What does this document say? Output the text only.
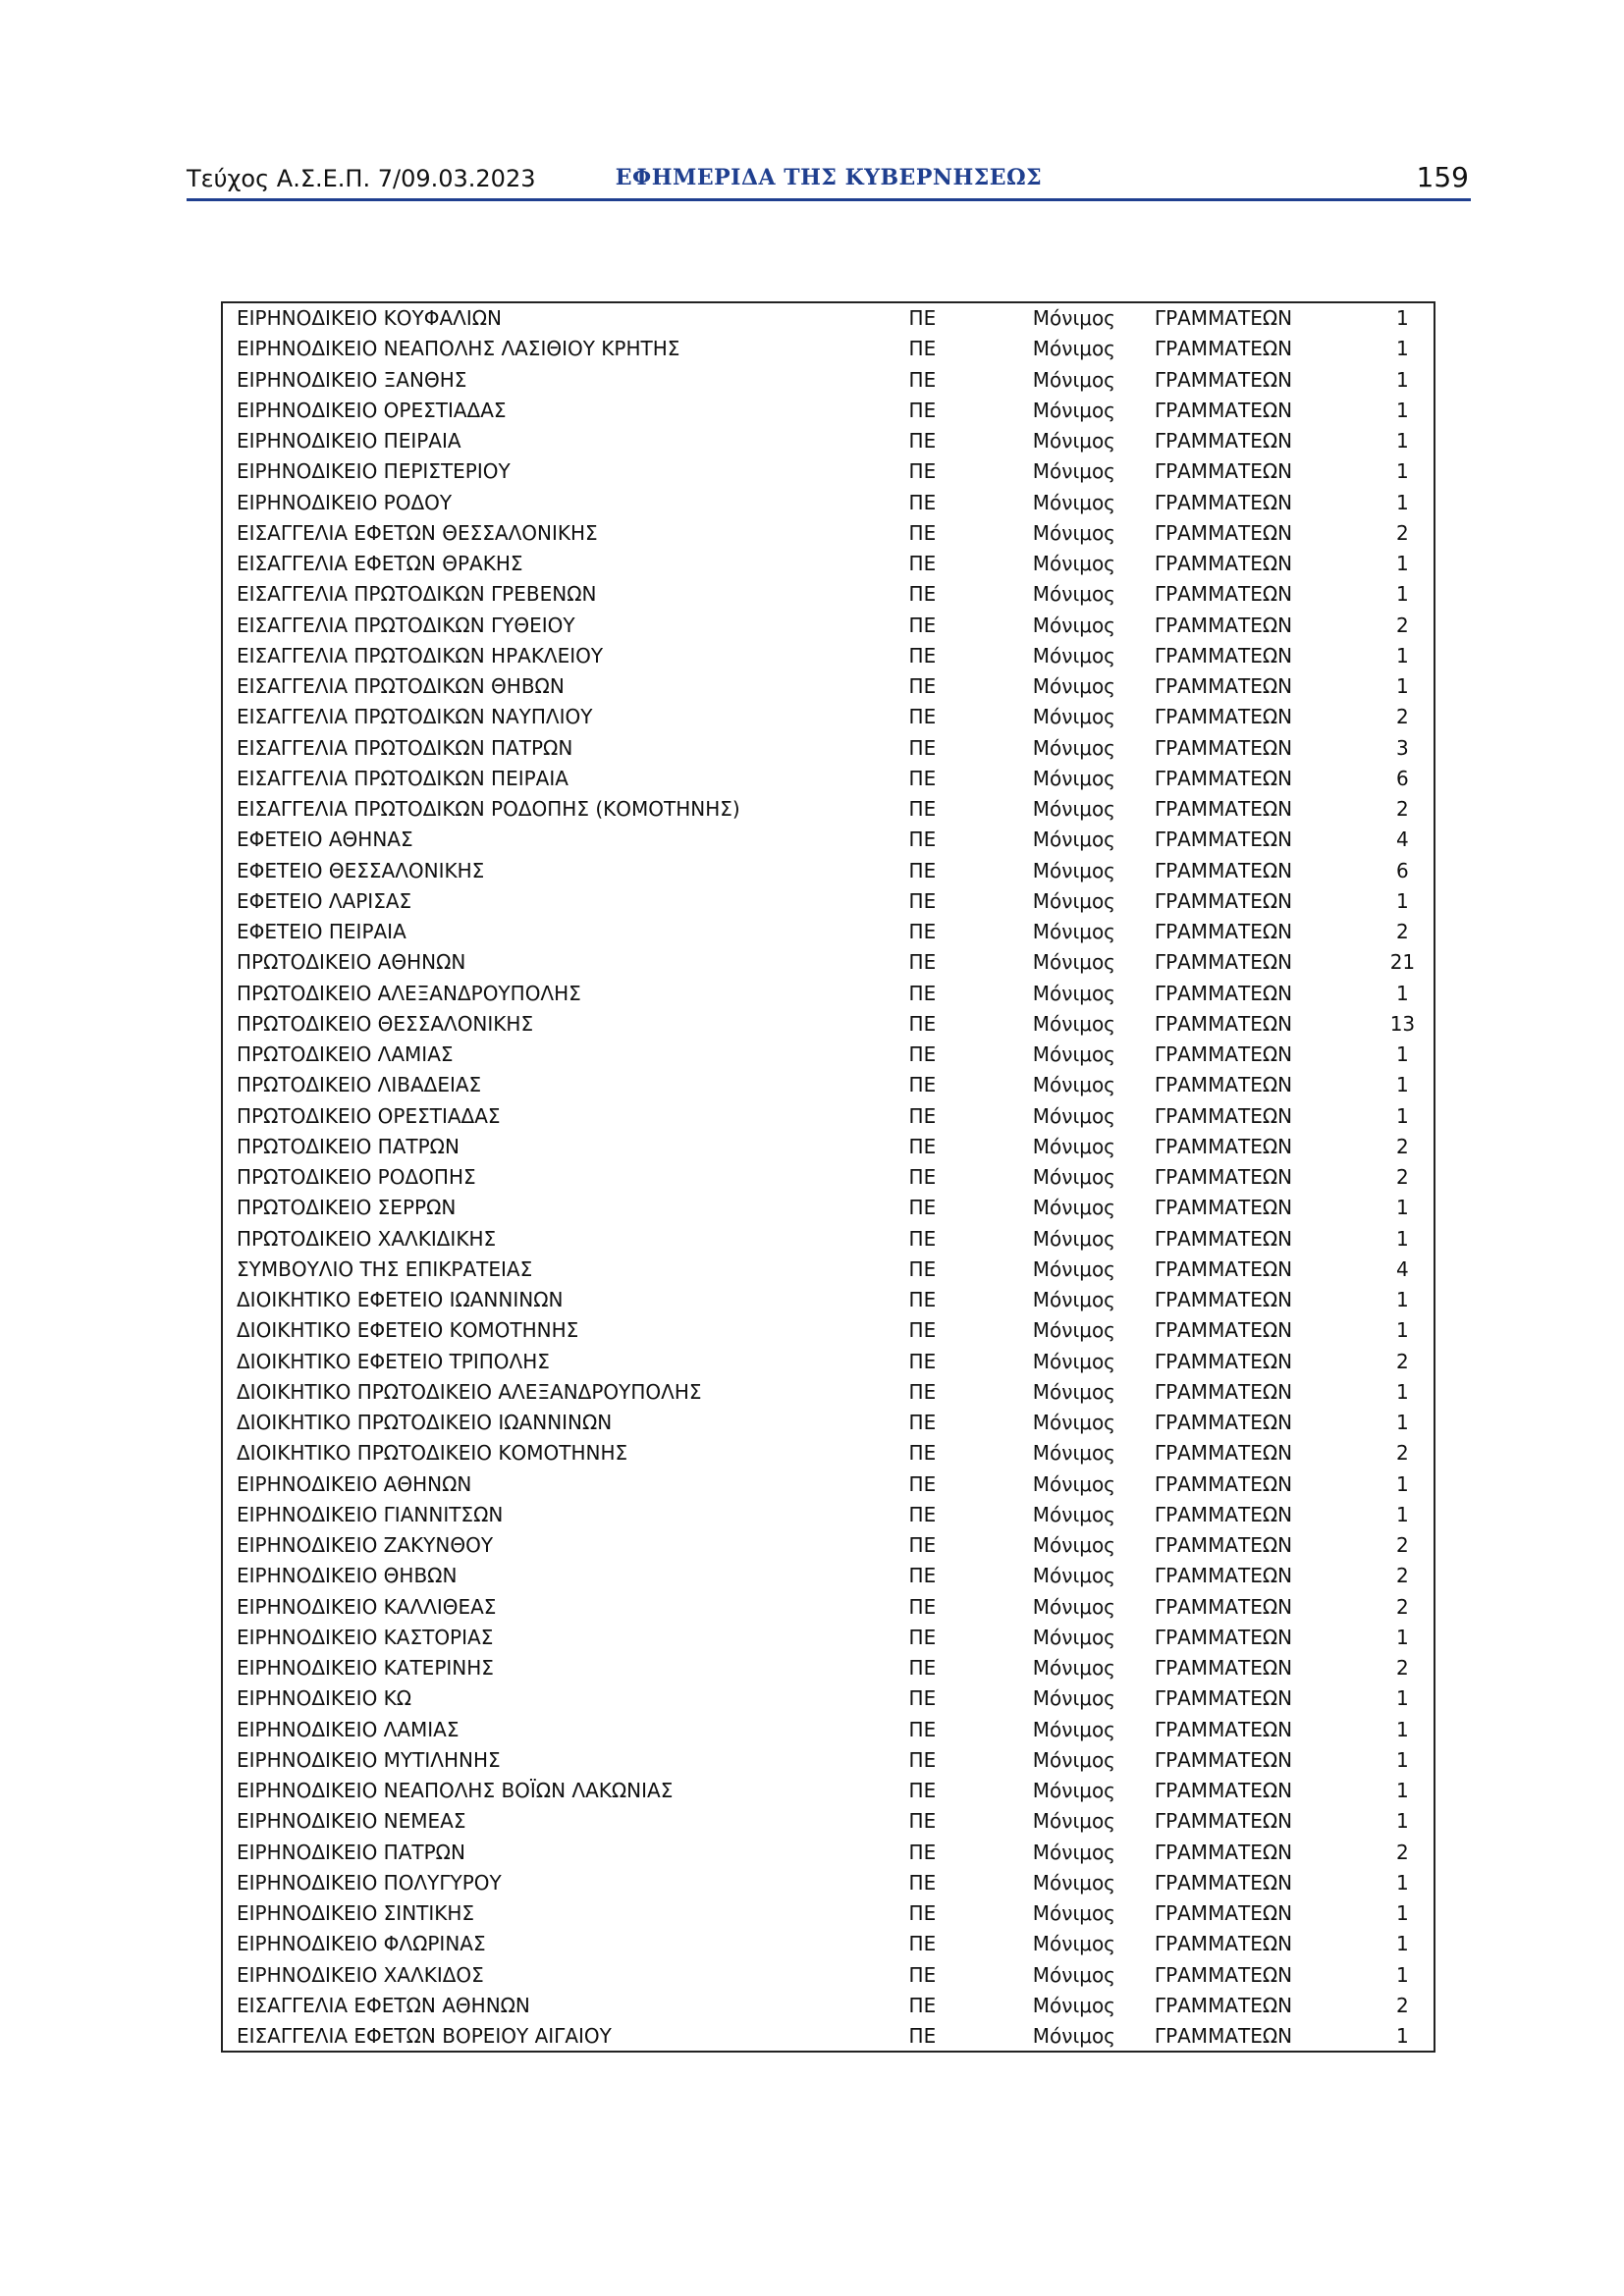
Τεύχος Α.Σ.Ε.Π. 7/09.03.2023	ΕΦΗΜΕΡΙΔΑ ΤΗΣ ΚΥΒΕΡΝΗΣΕΩΣ	159
ΕΙΡΗΝΟΔΙΚΕΙΟ ΚΟΥΦΑΛΙΩΝ	ΠΕ	Μόνιμος	ΓΡΑΜΜΑΤΕΩΝ	1
ΕΙΡΗΝΟΔΙΚΕΙΟ ΝΕΑΠΟΛΗΣ ΛΑΣΙΘΙΟΥ ΚΡΗΤΗΣ	ΠΕ	Μόνιμος	ΓΡΑΜΜΑΤΕΩΝ	1
ΕΙΡΗΝΟΔΙΚΕΙΟ ΞΑΝΘΗΣ	ΠΕ	Μόνιμος	ΓΡΑΜΜΑΤΕΩΝ	1
ΕΙΡΗΝΟΔΙΚΕΙΟ ΟΡΕΣΤΙΑΔΑΣ	ΠΕ	Μόνιμος	ΓΡΑΜΜΑΤΕΩΝ	1
ΕΙΡΗΝΟΔΙΚΕΙΟ ΠΕΙΡΑΙΑ	ΠΕ	Μόνιμος	ΓΡΑΜΜΑΤΕΩΝ	1
ΕΙΡΗΝΟΔΙΚΕΙΟ ΠΕΡΙΣΤΕΡΙΟΥ	ΠΕ	Μόνιμος	ΓΡΑΜΜΑΤΕΩΝ	1
ΕΙΡΗΝΟΔΙΚΕΙΟ ΡΟΔΟΥ	ΠΕ	Μόνιμος	ΓΡΑΜΜΑΤΕΩΝ	1
ΕΙΣΑΓΓΕΛΙΑ ΕΦΕΤΩΝ ΘΕΣΣΑΛΟΝΙΚΗΣ	ΠΕ	Μόνιμος	ΓΡΑΜΜΑΤΕΩΝ	2
ΕΙΣΑΓΓΕΛΙΑ ΕΦΕΤΩΝ ΘΡΑΚΗΣ	ΠΕ	Μόνιμος	ΓΡΑΜΜΑΤΕΩΝ	1
ΕΙΣΑΓΓΕΛΙΑ ΠΡΩΤΟΔΙΚΩΝ ΓΡΕΒΕΝΩΝ	ΠΕ	Μόνιμος	ΓΡΑΜΜΑΤΕΩΝ	1
ΕΙΣΑΓΓΕΛΙΑ ΠΡΩΤΟΔΙΚΩΝ ΓΥΘΕΙΟΥ	ΠΕ	Μόνιμος	ΓΡΑΜΜΑΤΕΩΝ	2
ΕΙΣΑΓΓΕΛΙΑ ΠΡΩΤΟΔΙΚΩΝ ΗΡΑΚΛΕΙΟΥ	ΠΕ	Μόνιμος	ΓΡΑΜΜΑΤΕΩΝ	1
ΕΙΣΑΓΓΕΛΙΑ ΠΡΩΤΟΔΙΚΩΝ ΘΗΒΩΝ	ΠΕ	Μόνιμος	ΓΡΑΜΜΑΤΕΩΝ	1
ΕΙΣΑΓΓΕΛΙΑ ΠΡΩΤΟΔΙΚΩΝ ΝΑΥΠΛΙΟΥ	ΠΕ	Μόνιμος	ΓΡΑΜΜΑΤΕΩΝ	2
ΕΙΣΑΓΓΕΛΙΑ ΠΡΩΤΟΔΙΚΩΝ ΠΑΤΡΩΝ	ΠΕ	Μόνιμος	ΓΡΑΜΜΑΤΕΩΝ	3
ΕΙΣΑΓΓΕΛΙΑ ΠΡΩΤΟΔΙΚΩΝ ΠΕΙΡΑΙΑ	ΠΕ	Μόνιμος	ΓΡΑΜΜΑΤΕΩΝ	6
ΕΙΣΑΓΓΕΛΙΑ ΠΡΩΤΟΔΙΚΩΝ ΡΟΔΟΠΗΣ (ΚΟΜΟΤΗΝΗΣ)	ΠΕ	Μόνιμος	ΓΡΑΜΜΑΤΕΩΝ	2
ΕΦΕΤΕΙΟ ΑΘΗΝΑΣ	ΠΕ	Μόνιμος	ΓΡΑΜΜΑΤΕΩΝ	4
ΕΦΕΤΕΙΟ ΘΕΣΣΑΛΟΝΙΚΗΣ	ΠΕ	Μόνιμος	ΓΡΑΜΜΑΤΕΩΝ	6
ΕΦΕΤΕΙΟ ΛΑΡΙΣΑΣ	ΠΕ	Μόνιμος	ΓΡΑΜΜΑΤΕΩΝ	1
ΕΦΕΤΕΙΟ ΠΕΙΡΑΙΑ	ΠΕ	Μόνιμος	ΓΡΑΜΜΑΤΕΩΝ	2
ΠΡΩΤΟΔΙΚΕΙΟ ΑΘΗΝΩΝ	ΠΕ	Μόνιμος	ΓΡΑΜΜΑΤΕΩΝ	21
ΠΡΩΤΟΔΙΚΕΙΟ ΑΛΕΞΑΝΔΡΟΥΠΟΛΗΣ	ΠΕ	Μόνιμος	ΓΡΑΜΜΑΤΕΩΝ	1
ΠΡΩΤΟΔΙΚΕΙΟ ΘΕΣΣΑΛΟΝΙΚΗΣ	ΠΕ	Μόνιμος	ΓΡΑΜΜΑΤΕΩΝ	13
ΠΡΩΤΟΔΙΚΕΙΟ ΛΑΜΙΑΣ	ΠΕ	Μόνιμος	ΓΡΑΜΜΑΤΕΩΝ	1
ΠΡΩΤΟΔΙΚΕΙΟ ΛΙΒΑΔΕΙΑΣ	ΠΕ	Μόνιμος	ΓΡΑΜΜΑΤΕΩΝ	1
ΠΡΩΤΟΔΙΚΕΙΟ ΟΡΕΣΤΙΑΔΑΣ	ΠΕ	Μόνιμος	ΓΡΑΜΜΑΤΕΩΝ	1
ΠΡΩΤΟΔΙΚΕΙΟ ΠΑΤΡΩΝ	ΠΕ	Μόνιμος	ΓΡΑΜΜΑΤΕΩΝ	2
ΠΡΩΤΟΔΙΚΕΙΟ ΡΟΔΟΠΗΣ	ΠΕ	Μόνιμος	ΓΡΑΜΜΑΤΕΩΝ	2
ΠΡΩΤΟΔΙΚΕΙΟ ΣΕΡΡΩΝ	ΠΕ	Μόνιμος	ΓΡΑΜΜΑΤΕΩΝ	1
ΠΡΩΤΟΔΙΚΕΙΟ ΧΑΛΚΙΔΙΚΗΣ	ΠΕ	Μόνιμος	ΓΡΑΜΜΑΤΕΩΝ	1
ΣΥΜΒΟΥΛΙΟ ΤΗΣ ΕΠΙΚΡΑΤΕΙΑΣ	ΠΕ	Μόνιμος	ΓΡΑΜΜΑΤΕΩΝ	4
ΔΙΟΙΚΗΤΙΚΟ ΕΦΕΤΕΙΟ ΙΩΑΝΝΙΝΩΝ	ΠΕ	Μόνιμος	ΓΡΑΜΜΑΤΕΩΝ	1
ΔΙΟΙΚΗΤΙΚΟ ΕΦΕΤΕΙΟ ΚΟΜΟΤΗΝΗΣ	ΠΕ	Μόνιμος	ΓΡΑΜΜΑΤΕΩΝ	1
ΔΙΟΙΚΗΤΙΚΟ ΕΦΕΤΕΙΟ ΤΡΙΠΟΛΗΣ	ΠΕ	Μόνιμος	ΓΡΑΜΜΑΤΕΩΝ	2
ΔΙΟΙΚΗΤΙΚΟ ΠΡΩΤΟΔΙΚΕΙΟ ΑΛΕΞΑΝΔΡΟΥΠΟΛΗΣ	ΠΕ	Μόνιμος	ΓΡΑΜΜΑΤΕΩΝ	1
ΔΙΟΙΚΗΤΙΚΟ ΠΡΩΤΟΔΙΚΕΙΟ ΙΩΑΝΝΙΝΩΝ	ΠΕ	Μόνιμος	ΓΡΑΜΜΑΤΕΩΝ	1
ΔΙΟΙΚΗΤΙΚΟ ΠΡΩΤΟΔΙΚΕΙΟ ΚΟΜΟΤΗΝΗΣ	ΠΕ	Μόνιμος	ΓΡΑΜΜΑΤΕΩΝ	2
ΕΙΡΗΝΟΔΙΚΕΙΟ ΑΘΗΝΩΝ	ΠΕ	Μόνιμος	ΓΡΑΜΜΑΤΕΩΝ	1
ΕΙΡΗΝΟΔΙΚΕΙΟ ΓΙΑΝΝΙΤΣΩΝ	ΠΕ	Μόνιμος	ΓΡΑΜΜΑΤΕΩΝ	1
ΕΙΡΗΝΟΔΙΚΕΙΟ ΖΑΚΥΝΘΟΥ	ΠΕ	Μόνιμος	ΓΡΑΜΜΑΤΕΩΝ	2
ΕΙΡΗΝΟΔΙΚΕΙΟ ΘΗΒΩΝ	ΠΕ	Μόνιμος	ΓΡΑΜΜΑΤΕΩΝ	2
ΕΙΡΗΝΟΔΙΚΕΙΟ ΚΑΛΛΙΘΕΑΣ	ΠΕ	Μόνιμος	ΓΡΑΜΜΑΤΕΩΝ	2
ΕΙΡΗΝΟΔΙΚΕΙΟ ΚΑΣΤΟΡΙΑΣ	ΠΕ	Μόνιμος	ΓΡΑΜΜΑΤΕΩΝ	1
ΕΙΡΗΝΟΔΙΚΕΙΟ ΚΑΤΕΡΙΝΗΣ	ΠΕ	Μόνιμος	ΓΡΑΜΜΑΤΕΩΝ	2
ΕΙΡΗΝΟΔΙΚΕΙΟ ΚΩ	ΠΕ	Μόνιμος	ΓΡΑΜΜΑΤΕΩΝ	1
ΕΙΡΗΝΟΔΙΚΕΙΟ ΛΑΜΙΑΣ	ΠΕ	Μόνιμος	ΓΡΑΜΜΑΤΕΩΝ	1
ΕΙΡΗΝΟΔΙΚΕΙΟ ΜΥΤΙΛΗΝΗΣ	ΠΕ	Μόνιμος	ΓΡΑΜΜΑΤΕΩΝ	1
ΕΙΡΗΝΟΔΙΚΕΙΟ ΝΕΑΠΟΛΗΣ ΒΟΪΩΝ ΛΑΚΩΝΙΑΣ	ΠΕ	Μόνιμος	ΓΡΑΜΜΑΤΕΩΝ	1
ΕΙΡΗΝΟΔΙΚΕΙΟ ΝΕΜΕΑΣ	ΠΕ	Μόνιμος	ΓΡΑΜΜΑΤΕΩΝ	1
ΕΙΡΗΝΟΔΙΚΕΙΟ ΠΑΤΡΩΝ	ΠΕ	Μόνιμος	ΓΡΑΜΜΑΤΕΩΝ	2
ΕΙΡΗΝΟΔΙΚΕΙΟ ΠΟΛΥΓΥΡΟΥ	ΠΕ	Μόνιμος	ΓΡΑΜΜΑΤΕΩΝ	1
ΕΙΡΗΝΟΔΙΚΕΙΟ ΣΙΝΤΙΚΗΣ	ΠΕ	Μόνιμος	ΓΡΑΜΜΑΤΕΩΝ	1
ΕΙΡΗΝΟΔΙΚΕΙΟ ΦΛΩΡΙΝΑΣ	ΠΕ	Μόνιμος	ΓΡΑΜΜΑΤΕΩΝ	1
ΕΙΡΗΝΟΔΙΚΕΙΟ ΧΑΛΚΙΔΟΣ	ΠΕ	Μόνιμος	ΓΡΑΜΜΑΤΕΩΝ	1
ΕΙΣΑΓΓΕΛΙΑ ΕΦΕΤΩΝ ΑΘΗΝΩΝ	ΠΕ	Μόνιμος	ΓΡΑΜΜΑΤΕΩΝ	2
ΕΙΣΑΓΓΕΛΙΑ ΕΦΕΤΩΝ ΒΟΡΕΙΟΥ ΑΙΓΑΙΟΥ	ΠΕ	Μόνιμος	ΓΡΑΜΜΑΤΕΩΝ	1
